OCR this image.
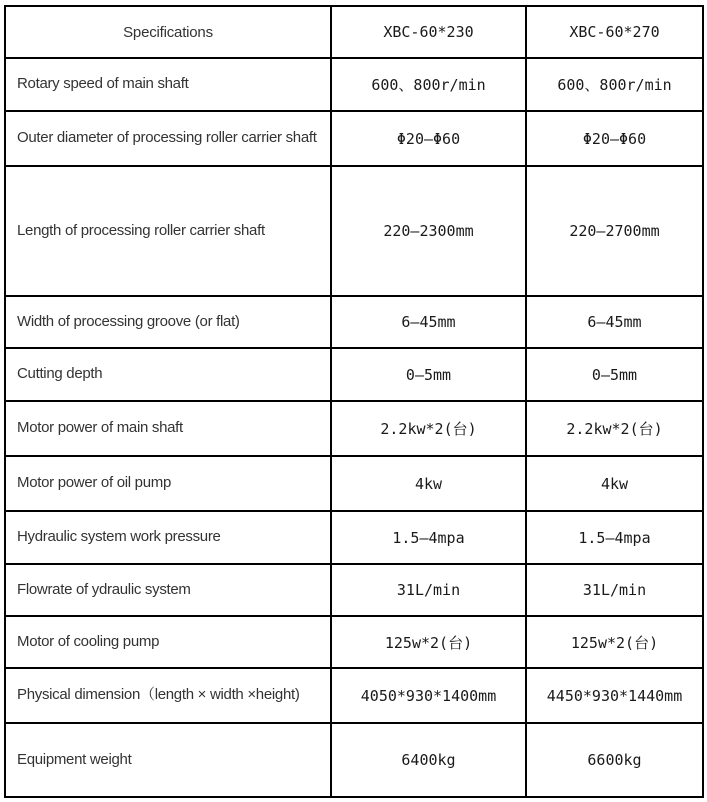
Specifications	XBC-60*230	XBC-60*270
Rotary speed of main shaft	600、800r/min	600、800r/min
Outer diameter of processing roller carrier shaft	Φ20—Φ60	Φ20—Φ60
Length of processing roller carrier shaft	220—2300mm	220—2700mm
Width of processing groove (or flat)	6—45mm	6—45mm
Cutting depth	0—5mm	0—5mm
Motor power of main shaft	2.2kw*2(台)	2.2kw*2(台)
Motor power of oil pump	4kw	4kw
Hydraulic system work pressure	1.5—4mpa	1.5—4mpa
Flowrate of ydraulic system	31L/min	31L/min
Motor of cooling pump	125w*2(台)	125w*2(台)
Physical dimension（length × width ×height)	4050*930*1400mm	4450*930*1440mm
Equipment weight	6400kg	6600kg
